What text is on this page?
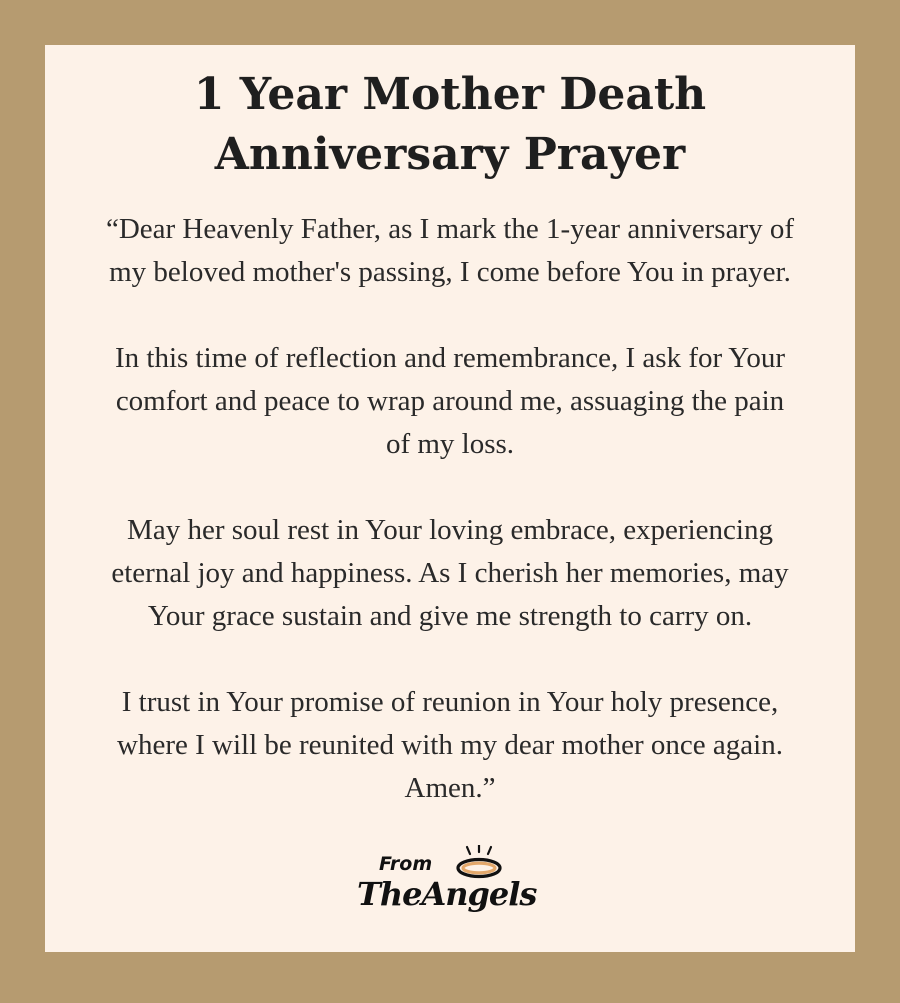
1 Year Mother Death
Anniversary Prayer

“Dear Heavenly Father, as I mark the 1-year anniversary of
my beloved mother's passing, I come before You in prayer.

In this time of reflection and remembrance, I ask for Your
comfort and peace to wrap around me, assuaging the pain
of my loss.

May her soul rest in Your loving embrace, experiencing
eternal joy and happiness. As I cherish her memories, may
Your grace sustain and give me strength to carry on.

I trust in Your promise of reunion in Your holy presence,
where I will be reunited with my dear mother once again.
Amen.”

From
TheAngels
